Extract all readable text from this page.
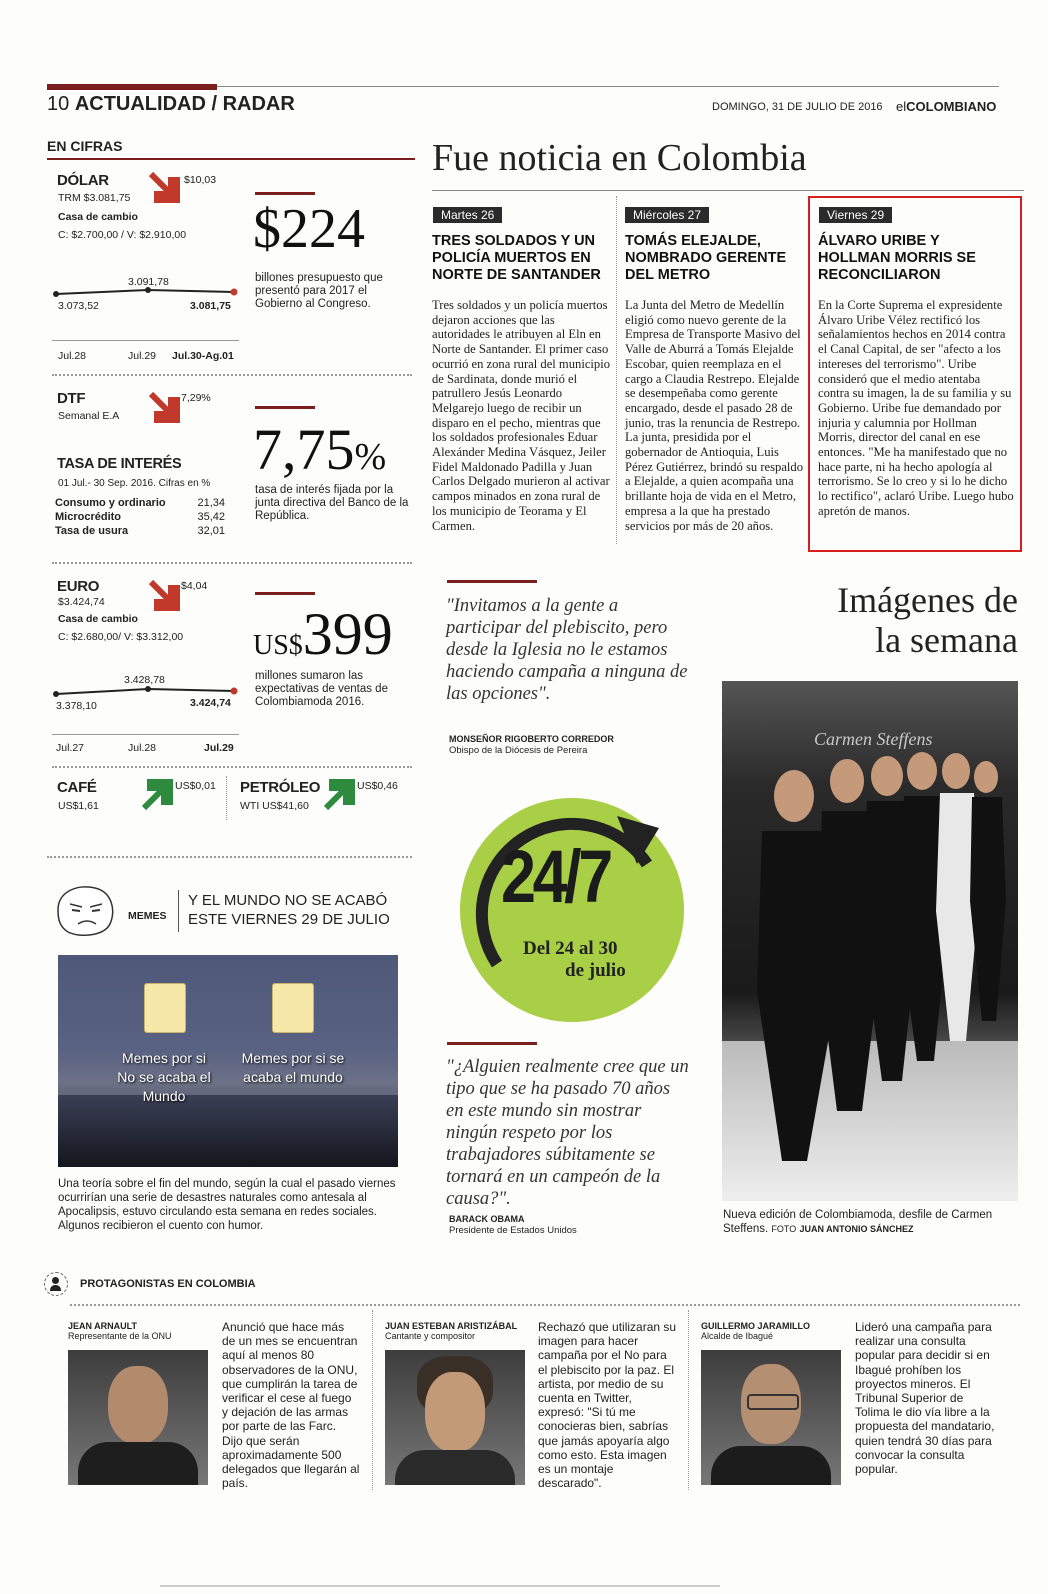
10 ACTUALIDAD / RADAR	DOMINGO, 31 DE JULIO DE 2016 elCOLOMBIANO
EN CIFRAS
DÓLAR
TRM $3.081,75
$10,03
Casa de cambio
C: $2.700,00 / V: $2.910,00
3.091,78
3.073,52	3.081,75
Jul.28	Jul.29 Jul.30-Ag.01
$224
billones presupuesto que presentó para 2017 el Gobierno al Congreso.
DTF
Semanal E.A
7,29%
7,75%
tasa de interés fijada por la junta directiva del Banco de la República.
TASA DE INTERÉS
01 Jul.- 30 Sep. 2016. Cifras en %
Consumo y ordinario	21,34
Microcrédito	35,42
Tasa de usura	32,01
EURO
$3.424,74
$4,04
Casa de cambio
C: $2.680,00/ V: $3.312,00
3.428,78
3.378,10	3.424,74
Jul.27	Jul.28	Jul.29
US$399
millones sumaron las expectativas de ventas de Colombiamoda 2016.
CAFÉ
US$1,61
US$0,01 PETRÓLEO
WTI US$41,60
US$0,46
Fue noticia en Colombia
Martes 26
TRES SOLDADOS Y UN POLICÍA MUERTOS EN NORTE DE SANTANDER
Tres soldados y un policía muertos dejaron acciones que las autoridades le atribuyen al Eln en Norte de Santander. El primer caso ocurrió en zona rural del municipio de Sardinata, donde murió el patrullero Jesús Leonardo Melgarejo luego de recibir un disparo en el pecho, mientras que los soldados profesionales Eduar Alexánder Medina Vásquez, Jeiler Fidel Maldonado Padilla y Juan Carlos Delgado murieron al activar campos minados en zona rural de los municipio de Teorama y El Carmen.
Miércoles 27
TOMÁS ELEJALDE, NOMBRADO GERENTE DEL METRO
La Junta del Metro de Medellín eligió como nuevo gerente de la Empresa de Transporte Masivo del Valle de Aburrá a Tomás Elejalde Escobar, quien reemplaza en el cargo a Claudia Restrepo. Elejalde se desempeñaba como gerente encargado, desde el pasado 28 de junio, tras la renuncia de Restrepo. La junta, presidida por el gobernador de Antioquia, Luis Pérez Gutiérrez, brindó su respaldo a Elejalde, a quien acompaña una brillante hoja de vida en el Metro, empresa a la que ha prestado servicios por más de 20 años.
Viernes 29
ÁLVARO URIBE Y HOLLMAN MORRIS SE RECONCILIARON
En la Corte Suprema el expresidente Álvaro Uribe Vélez rectificó los señalamientos hechos en 2014 contra el Canal Capital, de ser "afecto a los intereses del terrorismo". Uribe consideró que el medio atentaba contra su imagen, la de su familia y su Gobierno. Uribe fue demandado por injuria y calumnia por Hollman Morris, director del canal en ese entonces. "Me ha manifestado que no hace parte, ni ha hecho apología al terrorismo. Se lo creo y si lo he dicho lo rectifico", aclaró Uribe. Luego hubo apretón de manos.
"Invitamos a la gente a participar del plebiscito, pero desde la Iglesia no le estamos haciendo campaña a ninguna de las opciones".
MONSEÑOR RIGOBERTO CORREDOR
Obispo de la Diócesis de Pereira
24/7
Del 24 al 30
de julio
"¿Alguien realmente cree que un tipo que se ha pasado 70 años en este mundo sin mostrar ningún respeto por los trabajadores súbitamente se tornará en un campeón de la causa?".
BARACK OBAMA
Presidente de Estados Unidos
Imágenes de
la semana
Carmen Steffens
Nueva edición de Colombiamoda, desfile de Carmen Steffens. FOTO JUAN ANTONIO SÁNCHEZ
MEMES
Y EL MUNDO NO SE ACABÓ ESTE VIERNES 29 DE JULIO
Memes por si No se acaba el Mundo
Memes por si se acaba el mundo
Una teoría sobre el fin del mundo, según la cual el pasado viernes ocurrirían una serie de desastres naturales como antesala al Apocalipsis, estuvo circulando esta semana en redes sociales. Algunos recibieron el cuento con humor.
PROTAGONISTAS EN COLOMBIA
JEAN ARNAULT
Representante de la ONU
Anunció que hace más de un mes se encuentran aquí al menos 80 observadores de la ONU, que cumplirán la tarea de verificar el cese al fuego y dejación de las armas por parte de las Farc. Dijo que serán aproximadamente 500 delegados que llegarán al país.
JUAN ESTEBAN ARISTIZÁBAL
Cantante y compositor
Rechazó que utilizaran su imagen para hacer campaña por el No para el plebiscito por la paz. El artista, por medio de su cuenta en Twitter, expresó: "Si tú me conocieras bien, sabrías que jamás apoyaría algo como esto. Esta imagen es un montaje descarado".
GUILLERMO JARAMILLO
Alcalde de Ibagué
Lideró una campaña para realizar una consulta popular para decidir si en Ibagué prohíben los proyectos mineros. El Tribunal Superior de Tolima le dio vía libre a la propuesta del mandatario, quien tendrá 30 días para convocar la consulta popular.
